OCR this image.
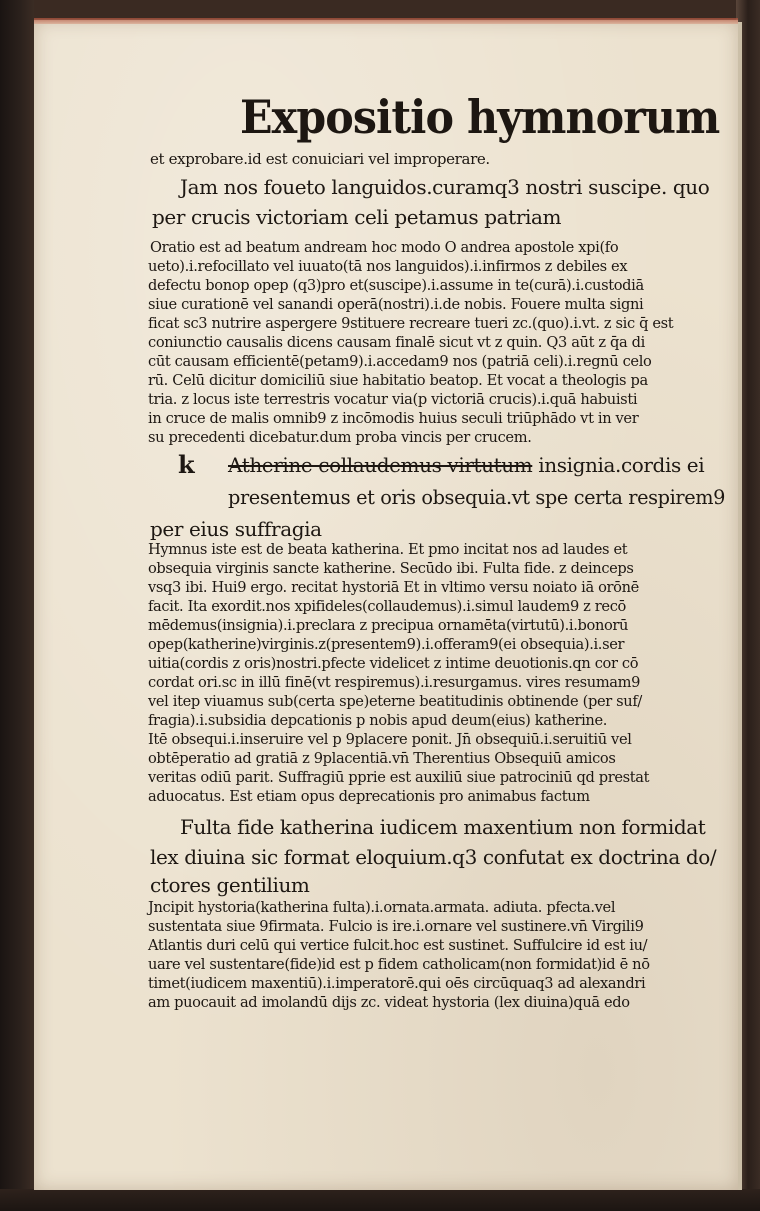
Expositio hymnorum
et exprobare.id est conuiciari vel improperare.
Jam nos foueto languidos.curamq3 nostri suscipe. quo
per crucis victoriam celi petamus patriam
Oratio est ad beatum andream hoc modo O andrea apostole xpi(fo
ueto).i.refocillato vel iuuato(tā nos languidos).i.infirmos z debiles ex
defectu bonop opep (q3)pro et(suscipe).i.assume in te(curā).i.custodiā
siue curationē vel sanandi operā(nostri).i.de nobis. Fouere multa signi
ficat sc3 nutrire aspergere 9stituere recreare tueri zc.(quo).i.vt. z sic q̄ est
coniunctio causalis dicens causam finalē sicut vt z quin. Q3 aūt z q̄a di
cūt causam efficientē(petam9).i.accedam9 nos (patriā celi).i.regnū celo
rū. Celū dicitur domiciliū siue habitatio beatop. Et vocat a theologis pa
tria. z locus iste terrestris vocatur via(p victoriā crucis).i.quā habuisti
in cruce de malis omnib9 z incōmodis huius seculi triūphādo vt in ver
su precedenti dicebatur.dum proba vincis per crucem.
k Atherine collaudemus virtutum insignia.cordis ei
presentemus et oris obsequia.vt spe certa respirem9
per eius suffragia
Hymnus iste est de beata katherina. Et pmo incitat nos ad laudes et
obsequia virginis sancte katherine. Secūdo ibi. Fulta fide. z deinceps
vsq3 ibi. Hui9 ergo. recitat hystoriā Et in vltimo versu noiato iā orōnē
facit. Ita exordit.nos xpifideles(collaudemus).i.simul laudem9 z recō
mēdemus(insignia).i.preclara z precipua ornamēta(virtutū).i.bonorū
opep(katherine)virginis.z(presentem9).i.offeram9(ei obsequia).i.ser
uitia(cordis z oris)nostri.pfecte videlicet z intime deuotionis.qn cor cō
cordat ori.sc in illū finē(vt respiremus).i.resurgamus. vires resumam9
vel itep viuamus sub(certa spe)eterne beatitudinis obtinende (per suf/
fragia).i.subsidia depcationis p nobis apud deum(eius) katherine.
Itē obsequi.i.inseruire vel p 9placere ponit. Jn̄ obsequiū.i.seruitiū vel
obtēperatio ad gratiā z 9placentiā.vn̄ Therentius Obsequiū amicos
veritas odiū parit. Suffragiū pprie est auxiliū siue patrociniū qd prestat
aduocatus. Est etiam opus deprecationis pro animabus factum
Fulta fide katherina iudicem maxentium non formidat
lex diuina sic format eloquium.q3 confutat ex doctrina do/
ctores gentilium
Jncipit hystoria(katherina fulta).i.ornata.armata. adiuta. pfecta.vel
sustentata siue 9firmata. Fulcio is ire.i.ornare vel sustinere.vn̄ Virgili9
Atlantis duri celū qui vertice fulcit.hoc est sustinet. Suffulcire id est iu/
uare vel sustentare(fide)id est p fidem catholicam(non formidat)id ē nō
timet(iudicem maxentiū).i.imperatorē.qui oēs circūquaq3 ad alexandri
am puocauit ad imolandū dijs zc. videat hystoria (lex diuina)quā edo
